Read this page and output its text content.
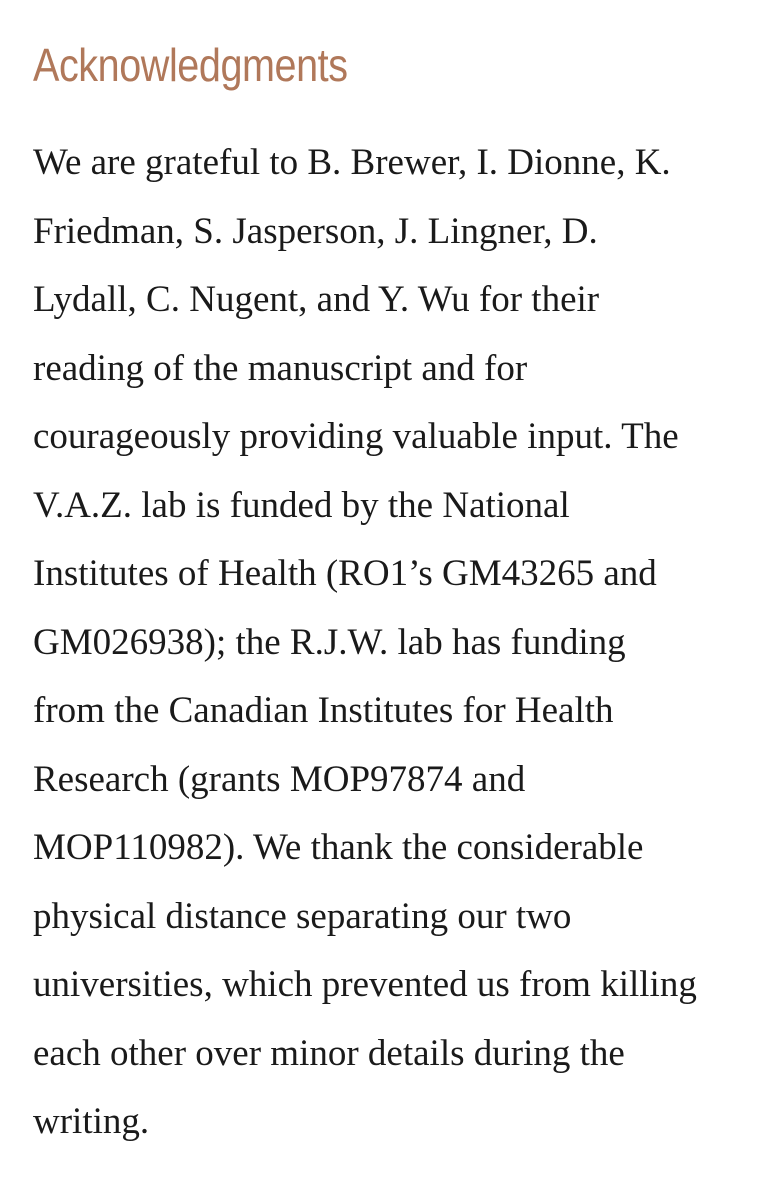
Acknowledgments

We are grateful to B. Brewer, I. Dionne, K.
Friedman, S. Jasperson, J. Lingner, D.
Lydall, C. Nugent, and Y. Wu for their
reading of the manuscript and for
courageously providing valuable input. The
V.A.Z. lab is funded by the National
Institutes of Health (RO1’s GM43265 and
GM026938); the R.J.W. lab has funding
from the Canadian Institutes for Health
Research (grants MOP97874 and
MOP110982). We thank the considerable
physical distance separating our two
universities, which prevented us from killing
each other over minor details during the
writing.
